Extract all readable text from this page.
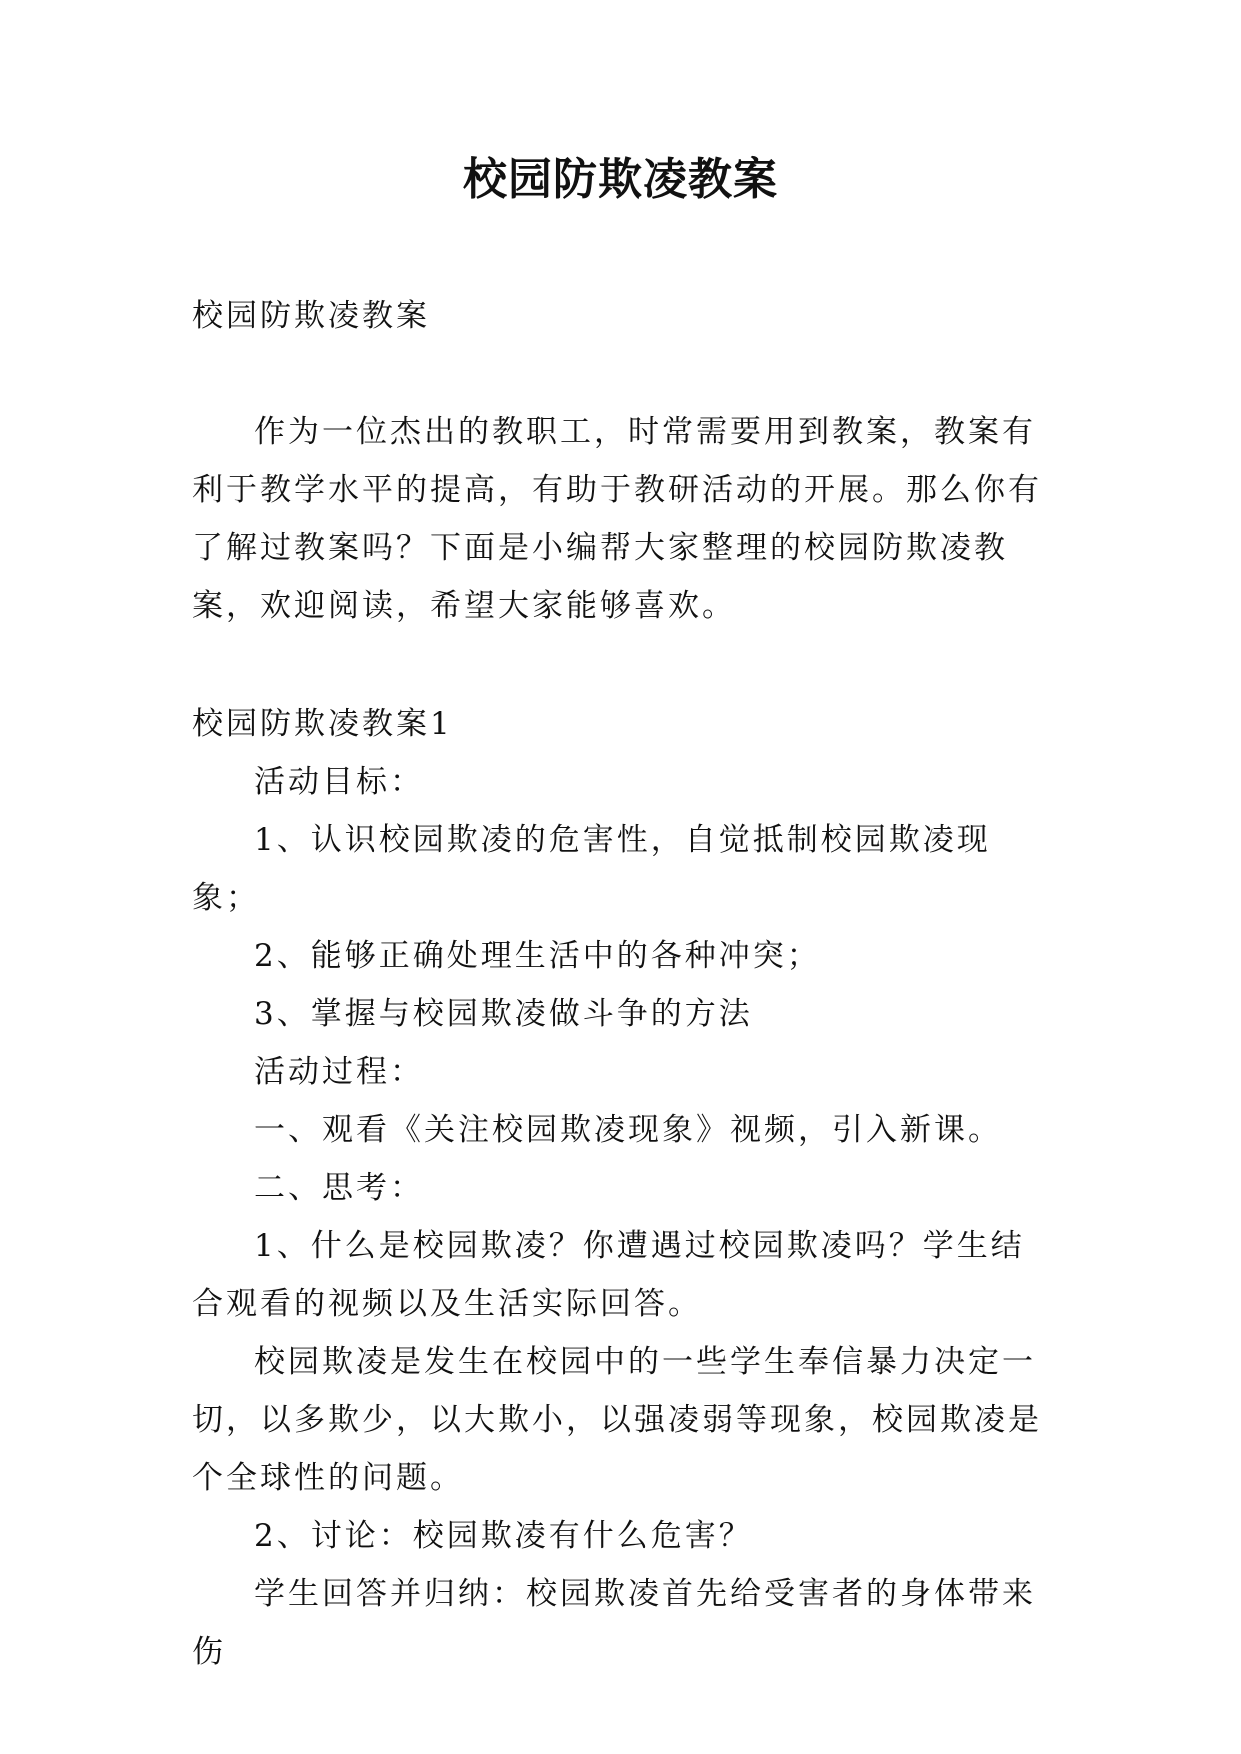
校园防欺凌教案

校园防欺凌教案

作为一位杰出的教职工，时常需要用到教案，教案有利于教学水平的提高，有助于教研活动的开展。那么你有了解过教案吗？下面是小编帮大家整理的校园防欺凌教案，欢迎阅读，希望大家能够喜欢。

校园防欺凌教案1

活动目标：

1、认识校园欺凌的危害性，自觉抵制校园欺凌现象；

2、能够正确处理生活中的各种冲突；

3、掌握与校园欺凌做斗争的方法

活动过程：

一、观看《关注校园欺凌现象》视频，引入新课。

二、思考：

1、什么是校园欺凌？你遭遇过校园欺凌吗？学生结合观看的视频以及生活实际回答。

校园欺凌是发生在校园中的一些学生奉信暴力决定一切，以多欺少，以大欺小，以强凌弱等现象，校园欺凌是个全球性的问题。

2、讨论：校园欺凌有什么危害？

学生回答并归纳：校园欺凌首先给受害者的身体带来伤
